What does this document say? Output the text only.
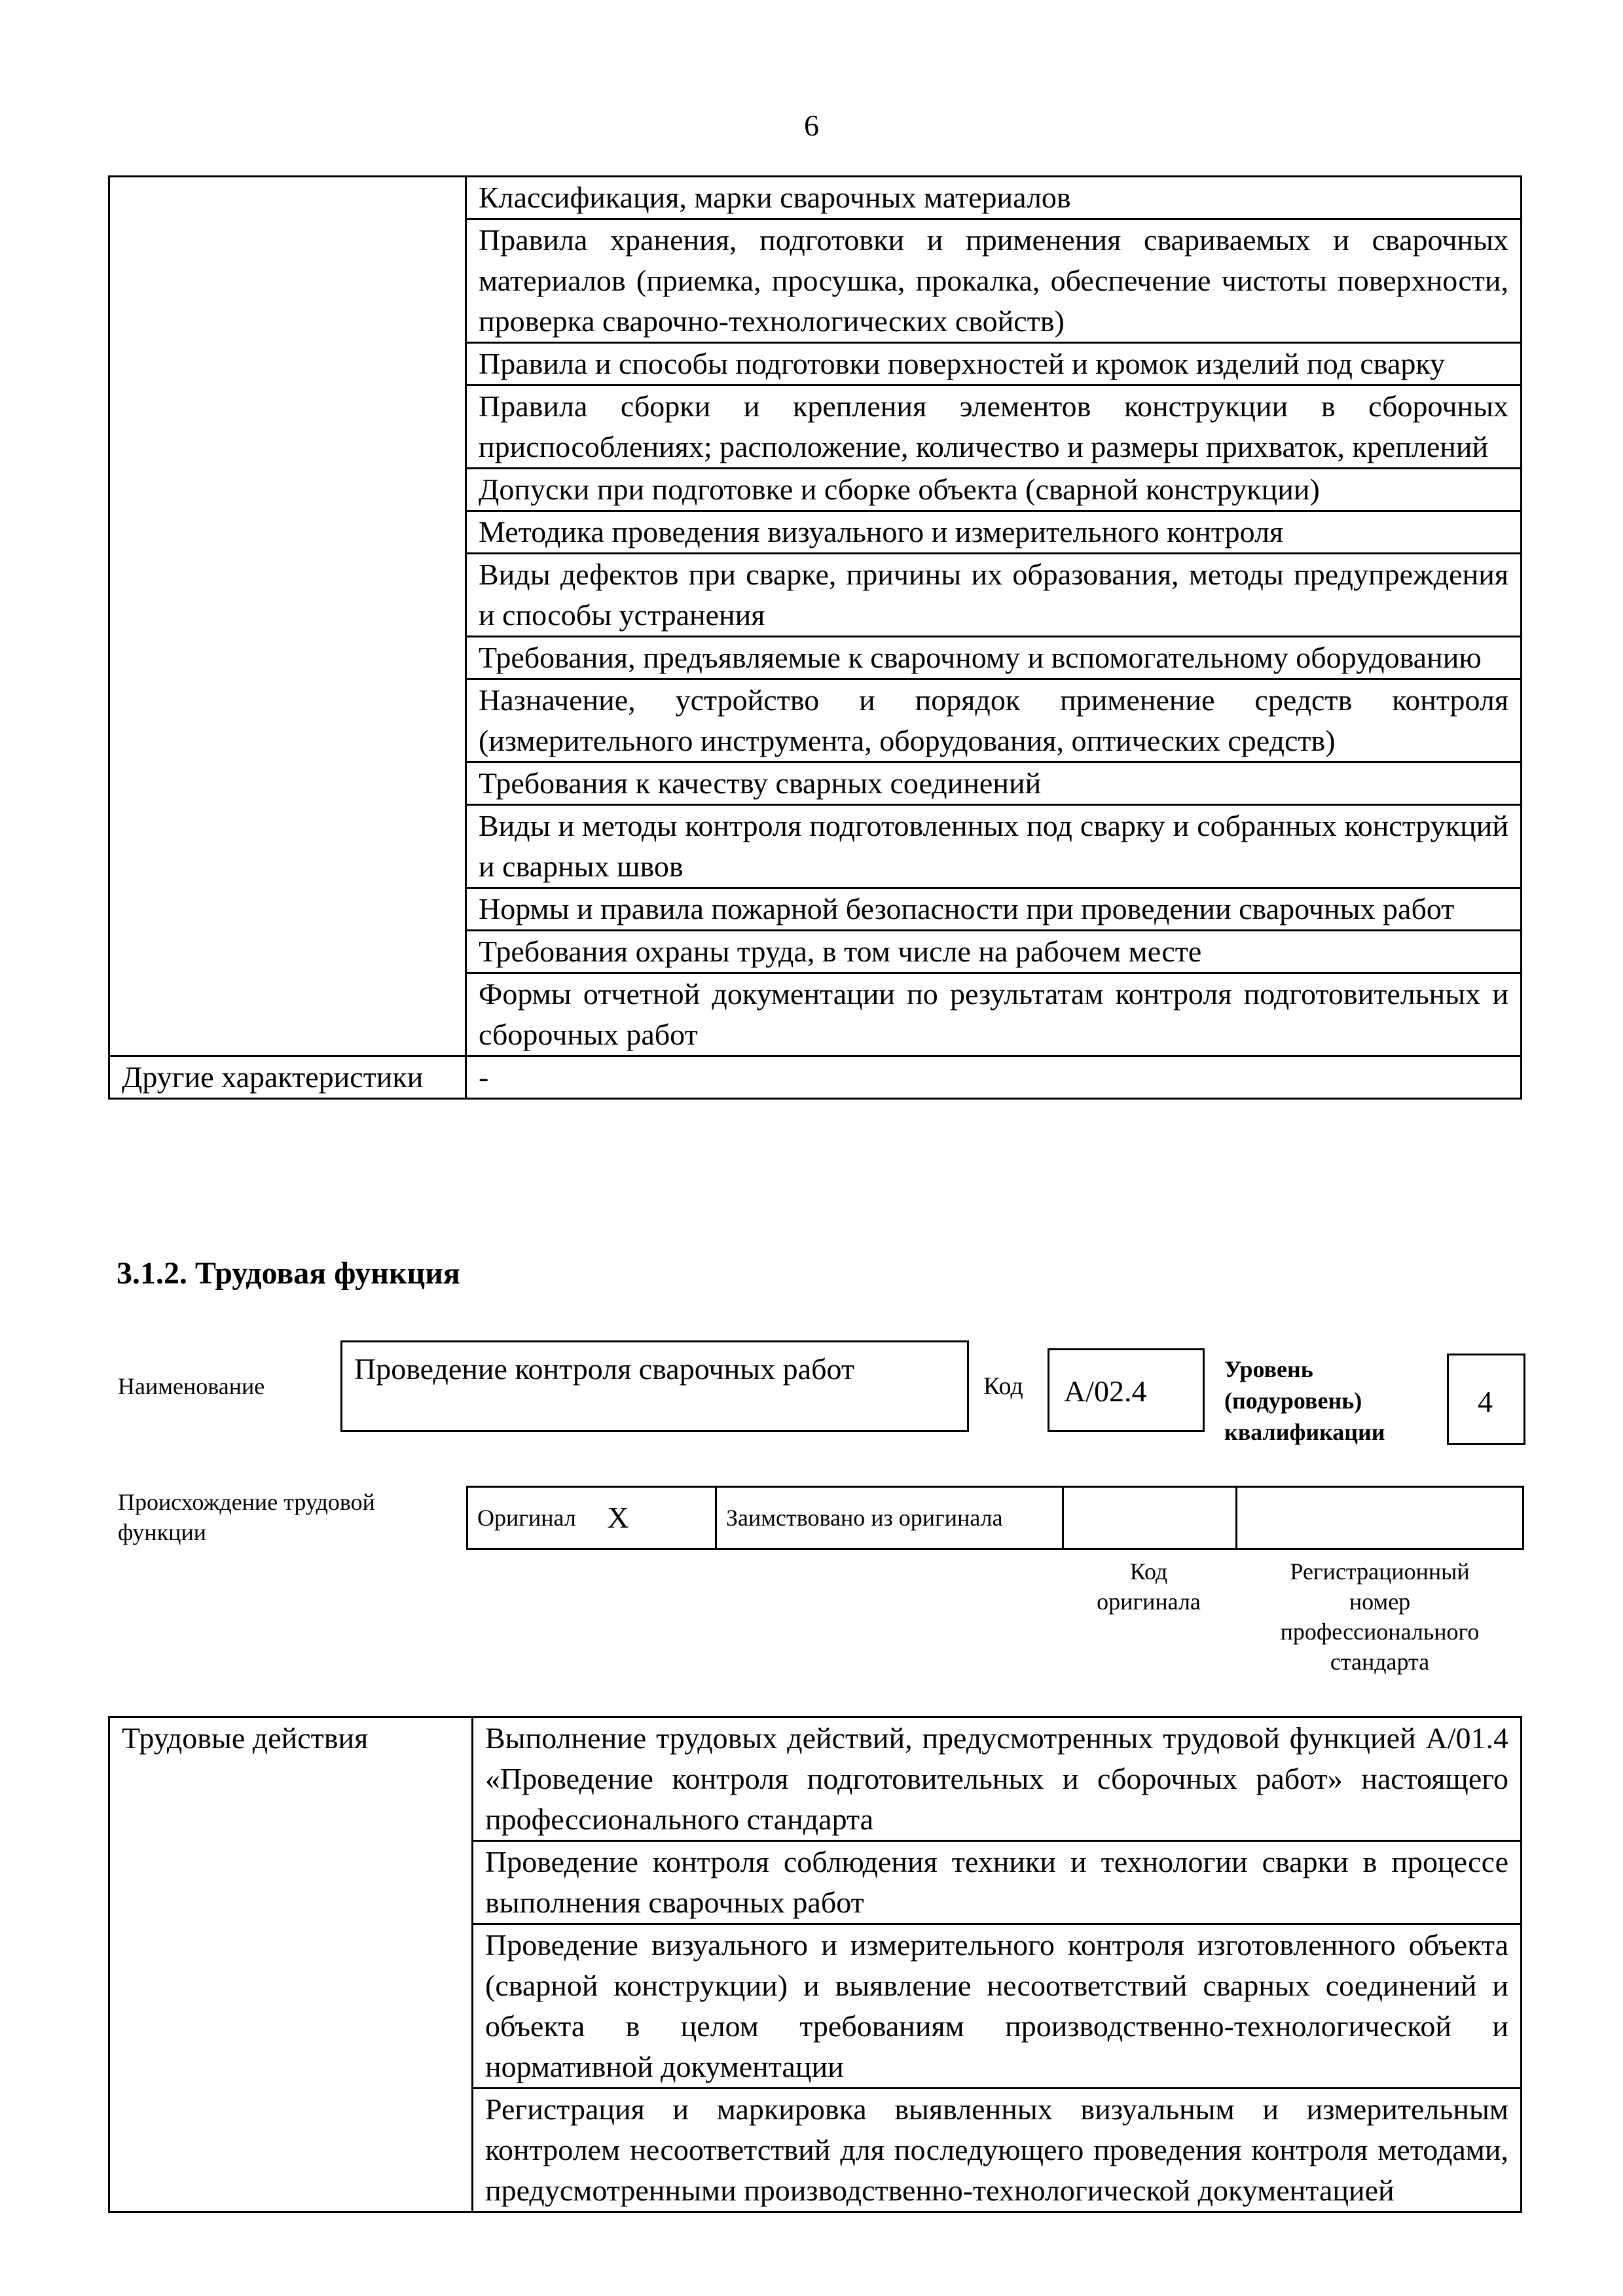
6
	Классификация, марки сварочных материалов
	Правила хранения, подготовки и применения свариваемых и сварочных материалов (приемка, просушка, прокалка, обеспечение чистоты поверхности, проверка сварочно-технологических свойств)
	Правила и способы подготовки поверхностей и кромок изделий под сварку
	Правила сборки и крепления элементов конструкции в сборочных приспособлениях; расположение, количество и размеры прихваток, креплений
	Допуски при подготовке и сборке объекта (сварной конструкции)
	Методика проведения визуального и измерительного контроля
	Виды дефектов при сварке, причины их образования, методы предупреждения и способы устранения
	Требования, предъявляемые к сварочному и вспомогательному оборудованию
	Назначение, устройство и порядок применение средств контроля (измерительного инструмента, оборудования, оптических средств)
	Требования к качеству сварных соединений
	Виды и методы контроля подготовленных под сварку и собранных конструкций и сварных швов
	Нормы и правила пожарной безопасности при проведении сварочных работ
	Требования охраны труда, в том числе на рабочем месте
	Формы отчетной документации по результатам контроля подготовительных и сборочных работ
Другие характеристики	-
3.1.2. Трудовая функция
Наименование
Проведение контроля сварочных работ
Код А/02.4
Уровень
(подуровень)
квалификации
4
Происхождение трудовой функции
Оригинал	X	Заимствовано из оригинала		
Код
оригинала
Регистрационный
номер
профессионального
стандарта
Трудовые действия	Выполнение трудовых действий, предусмотренных трудовой функцией А/01.4 «Проведение контроля подготовительных и сборочных работ» настоящего профессионального стандарта
Проведение контроля соблюдения техники и технологии сварки в процессе выполнения сварочных работ
Проведение визуального и измерительного контроля изготовленного объекта (сварной конструкции) и выявление несоответствий сварных соединений и объекта в целом требованиям производственно-технологической и нормативной документации
Регистрация и маркировка выявленных визуальным и измерительным контролем несоответствий для последующего проведения контроля методами, предусмотренными производственно-технологической документацией
